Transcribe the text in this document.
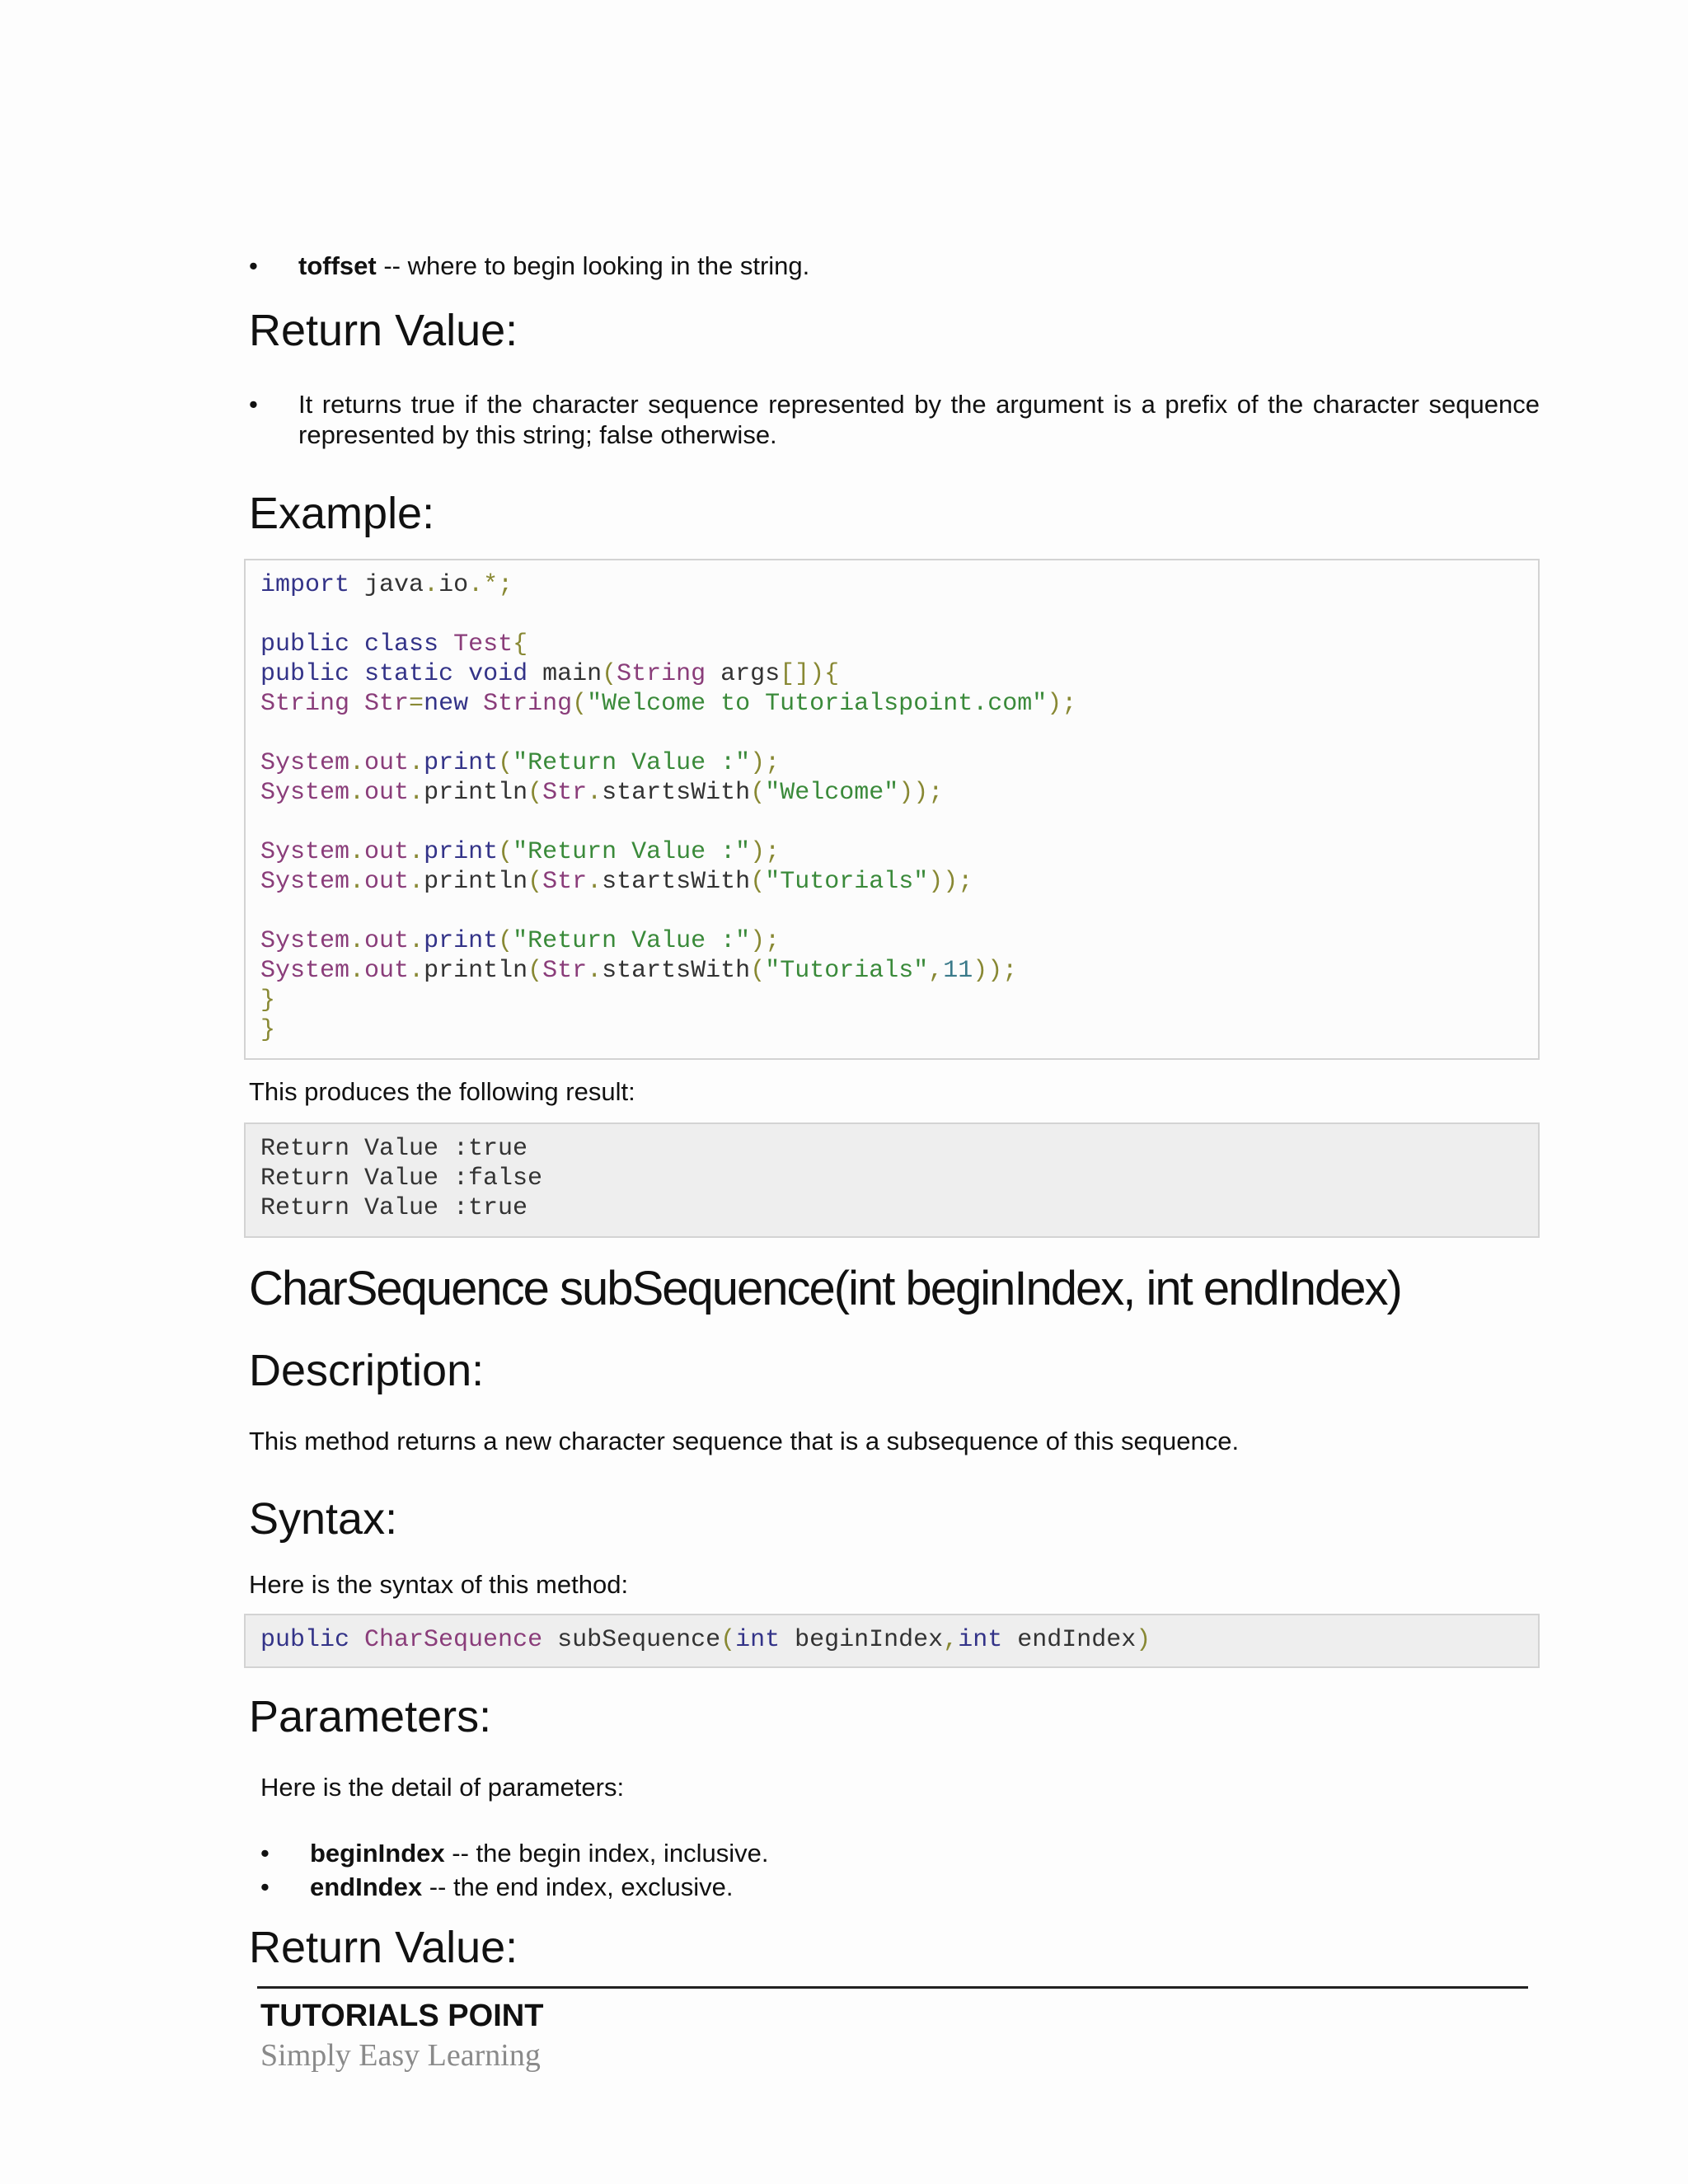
• toffset -- where to begin looking in the string.
Return Value:
• It returns true if the character sequence represented by the argument is a prefix of the character sequence represented by this string; false otherwise.
Example:
import java.io.*;

public class Test{
public static void main(String args[]){
String Str=new String("Welcome to Tutorialspoint.com");

System.out.print("Return Value :");
System.out.println(Str.startsWith("Welcome"));

System.out.print("Return Value :");
System.out.println(Str.startsWith("Tutorials"));

System.out.print("Return Value :");
System.out.println(Str.startsWith("Tutorials",11));
}
}

This produces the following result:

Return Value :true
Return Value :false
Return Value :true
CharSequence subSequence(int beginIndex, int endIndex)
Description:

This method returns a new character sequence that is a subsequence of this sequence.

Syntax:

Here is the syntax of this method:

public CharSequence subSequence(int beginIndex,int endIndex)
Parameters:

Here is the detail of parameters:

• beginIndex -- the begin index, inclusive.
• endIndex -- the end index, exclusive.
Return Value:
TUTORIALS POINT
Simply Easy Learning
